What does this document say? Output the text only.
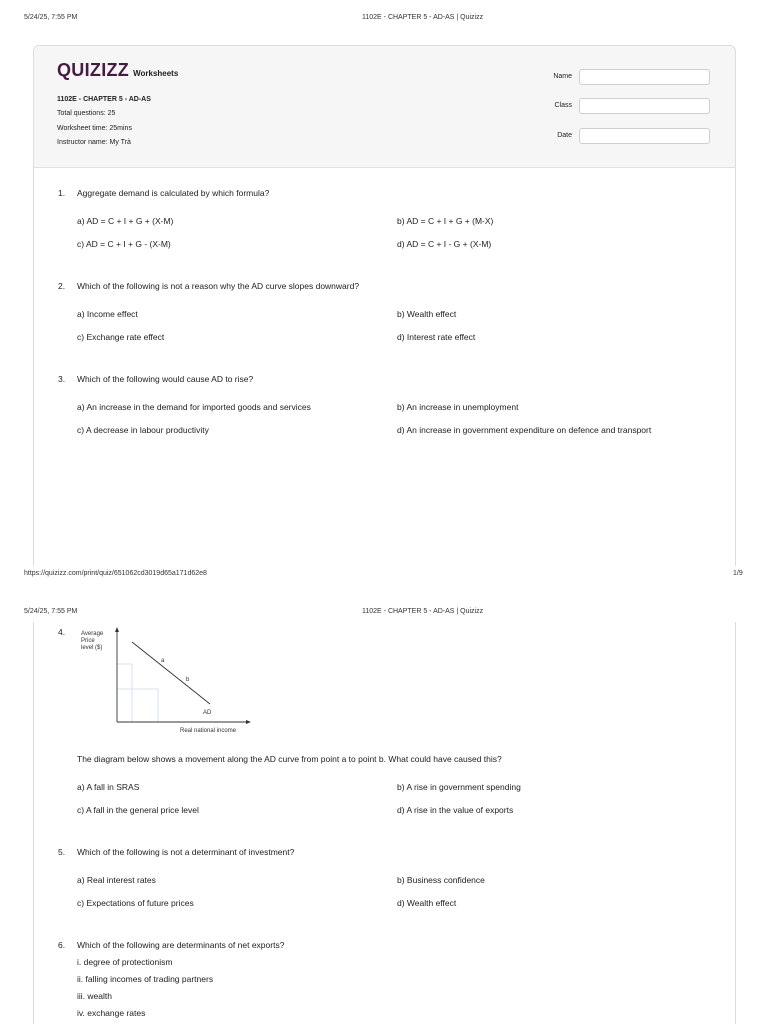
5/24/25, 7:55 PM	1102E - CHAPTER 5 - AD-AS | Quizizz
QUIZIZZ Worksheets
1102E - CHAPTER 5 - AD-AS
Total questions: 25
Worksheet time: 25mins
Instructor name: My Trà
Name
Class
Date
1. Aggregate demand is calculated by which formula?
a) AD = C + I + G + (X-M)	b) AD = C + I + G + (M-X)
c) AD = C + I + G - (X-M)	d) AD = C + I - G + (X-M)
2. Which of the following is not a reason why the AD curve slopes downward?
a) Income effect	b) Wealth effect
c) Exchange rate effect	d) Interest rate effect
3. Which of the following would cause AD to rise?
a) An increase in the demand for imported goods and services	b) An increase in unemployment
c) A decrease in labour productivity	d) An increase in government expenditure on defence and transport
https://quizizz.com/print/quiz/651062cd3019d65a171d62e8	1/9
5/24/25, 7:55 PM	1102E - CHAPTER 5 - AD-AS | Quizizz
4.	Average
Price
level ($)
a
b
AD
Real national income
The diagram below shows a movement along the AD curve from point a to point b. What could have caused this?
a) A fall in SRAS	b) A rise in government spending
c) A fall in the general price level	d) A rise in the value of exports
5. Which of the following is not a determinant of investment?
a) Real interest rates	b) Business confidence
c) Expectations of future prices	d) Wealth effect
6. Which of the following are determinants of net exports?
i. degree of protectionism
ii. falling incomes of trading partners
iii. wealth
iv. exchange rates
